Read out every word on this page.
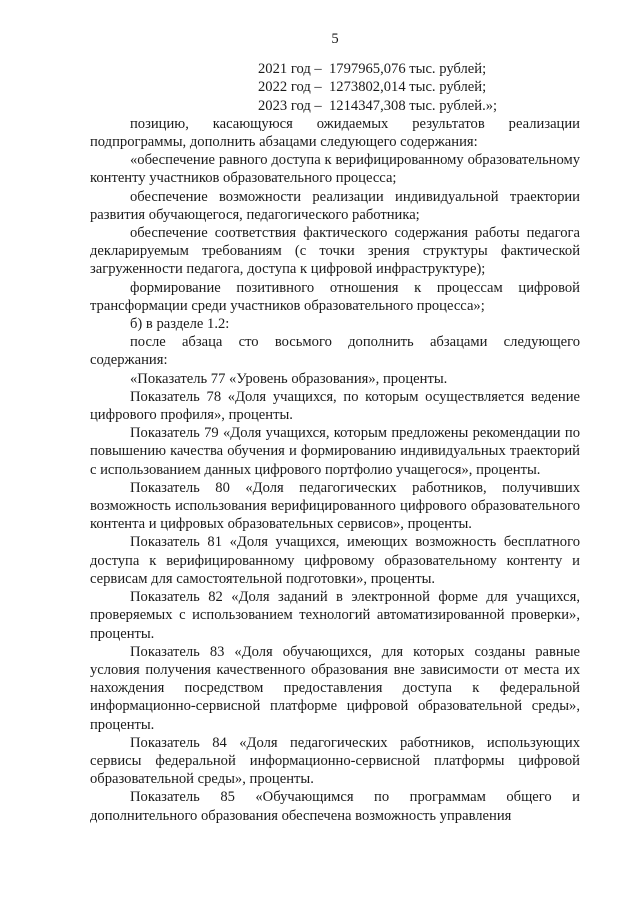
5
2021 год –  1797965,076 тыс. рублей;
2022 год –  1273802,014 тыс. рублей;
2023 год –  1214347,308 тыс. рублей.»;

позицию, касающуюся ожидаемых результатов реализации подпрограммы, дополнить абзацами следующего содержания:

«обеспечение равного доступа к верифицированному образовательному контенту участников образовательного процесса;

обеспечение возможности реализации индивидуальной траектории развития обучающегося, педагогического работника;

обеспечение соответствия фактического содержания работы педагога декларируемым требованиям (с точки зрения структуры фактической загруженности педагога, доступа к цифровой инфраструктуре);

формирование позитивного отношения к процессам цифровой трансформации среди участников образовательного процесса»;

б) в разделе 1.2:

после абзаца сто восьмого дополнить абзацами следующего содержания:

«Показатель 77 «Уровень образования», проценты.

Показатель 78 «Доля учащихся, по которым осуществляется ведение цифрового профиля», проценты.

Показатель 79 «Доля учащихся, которым предложены рекомендации по повышению качества обучения и формированию индивидуальных траекторий с использованием данных цифрового портфолио учащегося», проценты.

Показатель 80 «Доля педагогических работников, получивших возможность использования верифицированного цифрового образовательного контента и цифровых образовательных сервисов», проценты.

Показатель 81 «Доля учащихся, имеющих возможность бесплатного доступа к верифицированному цифровому образовательному контенту и сервисам для самостоятельной подготовки», проценты.

Показатель 82 «Доля заданий в электронной форме для учащихся, проверяемых с использованием технологий автоматизированной проверки», проценты.

Показатель 83 «Доля обучающихся, для которых созданы равные условия получения качественного образования вне зависимости от места их нахождения посредством предоставления доступа к федеральной информационно-сервисной платформе цифровой образовательной среды», проценты.

Показатель 84 «Доля педагогических работников, использующих сервисы федеральной информационно-сервисной платформы цифровой образовательной среды», проценты.

Показатель 85 «Обучающимся по программам общего и дополнительного образования обеспечена возможность управления
